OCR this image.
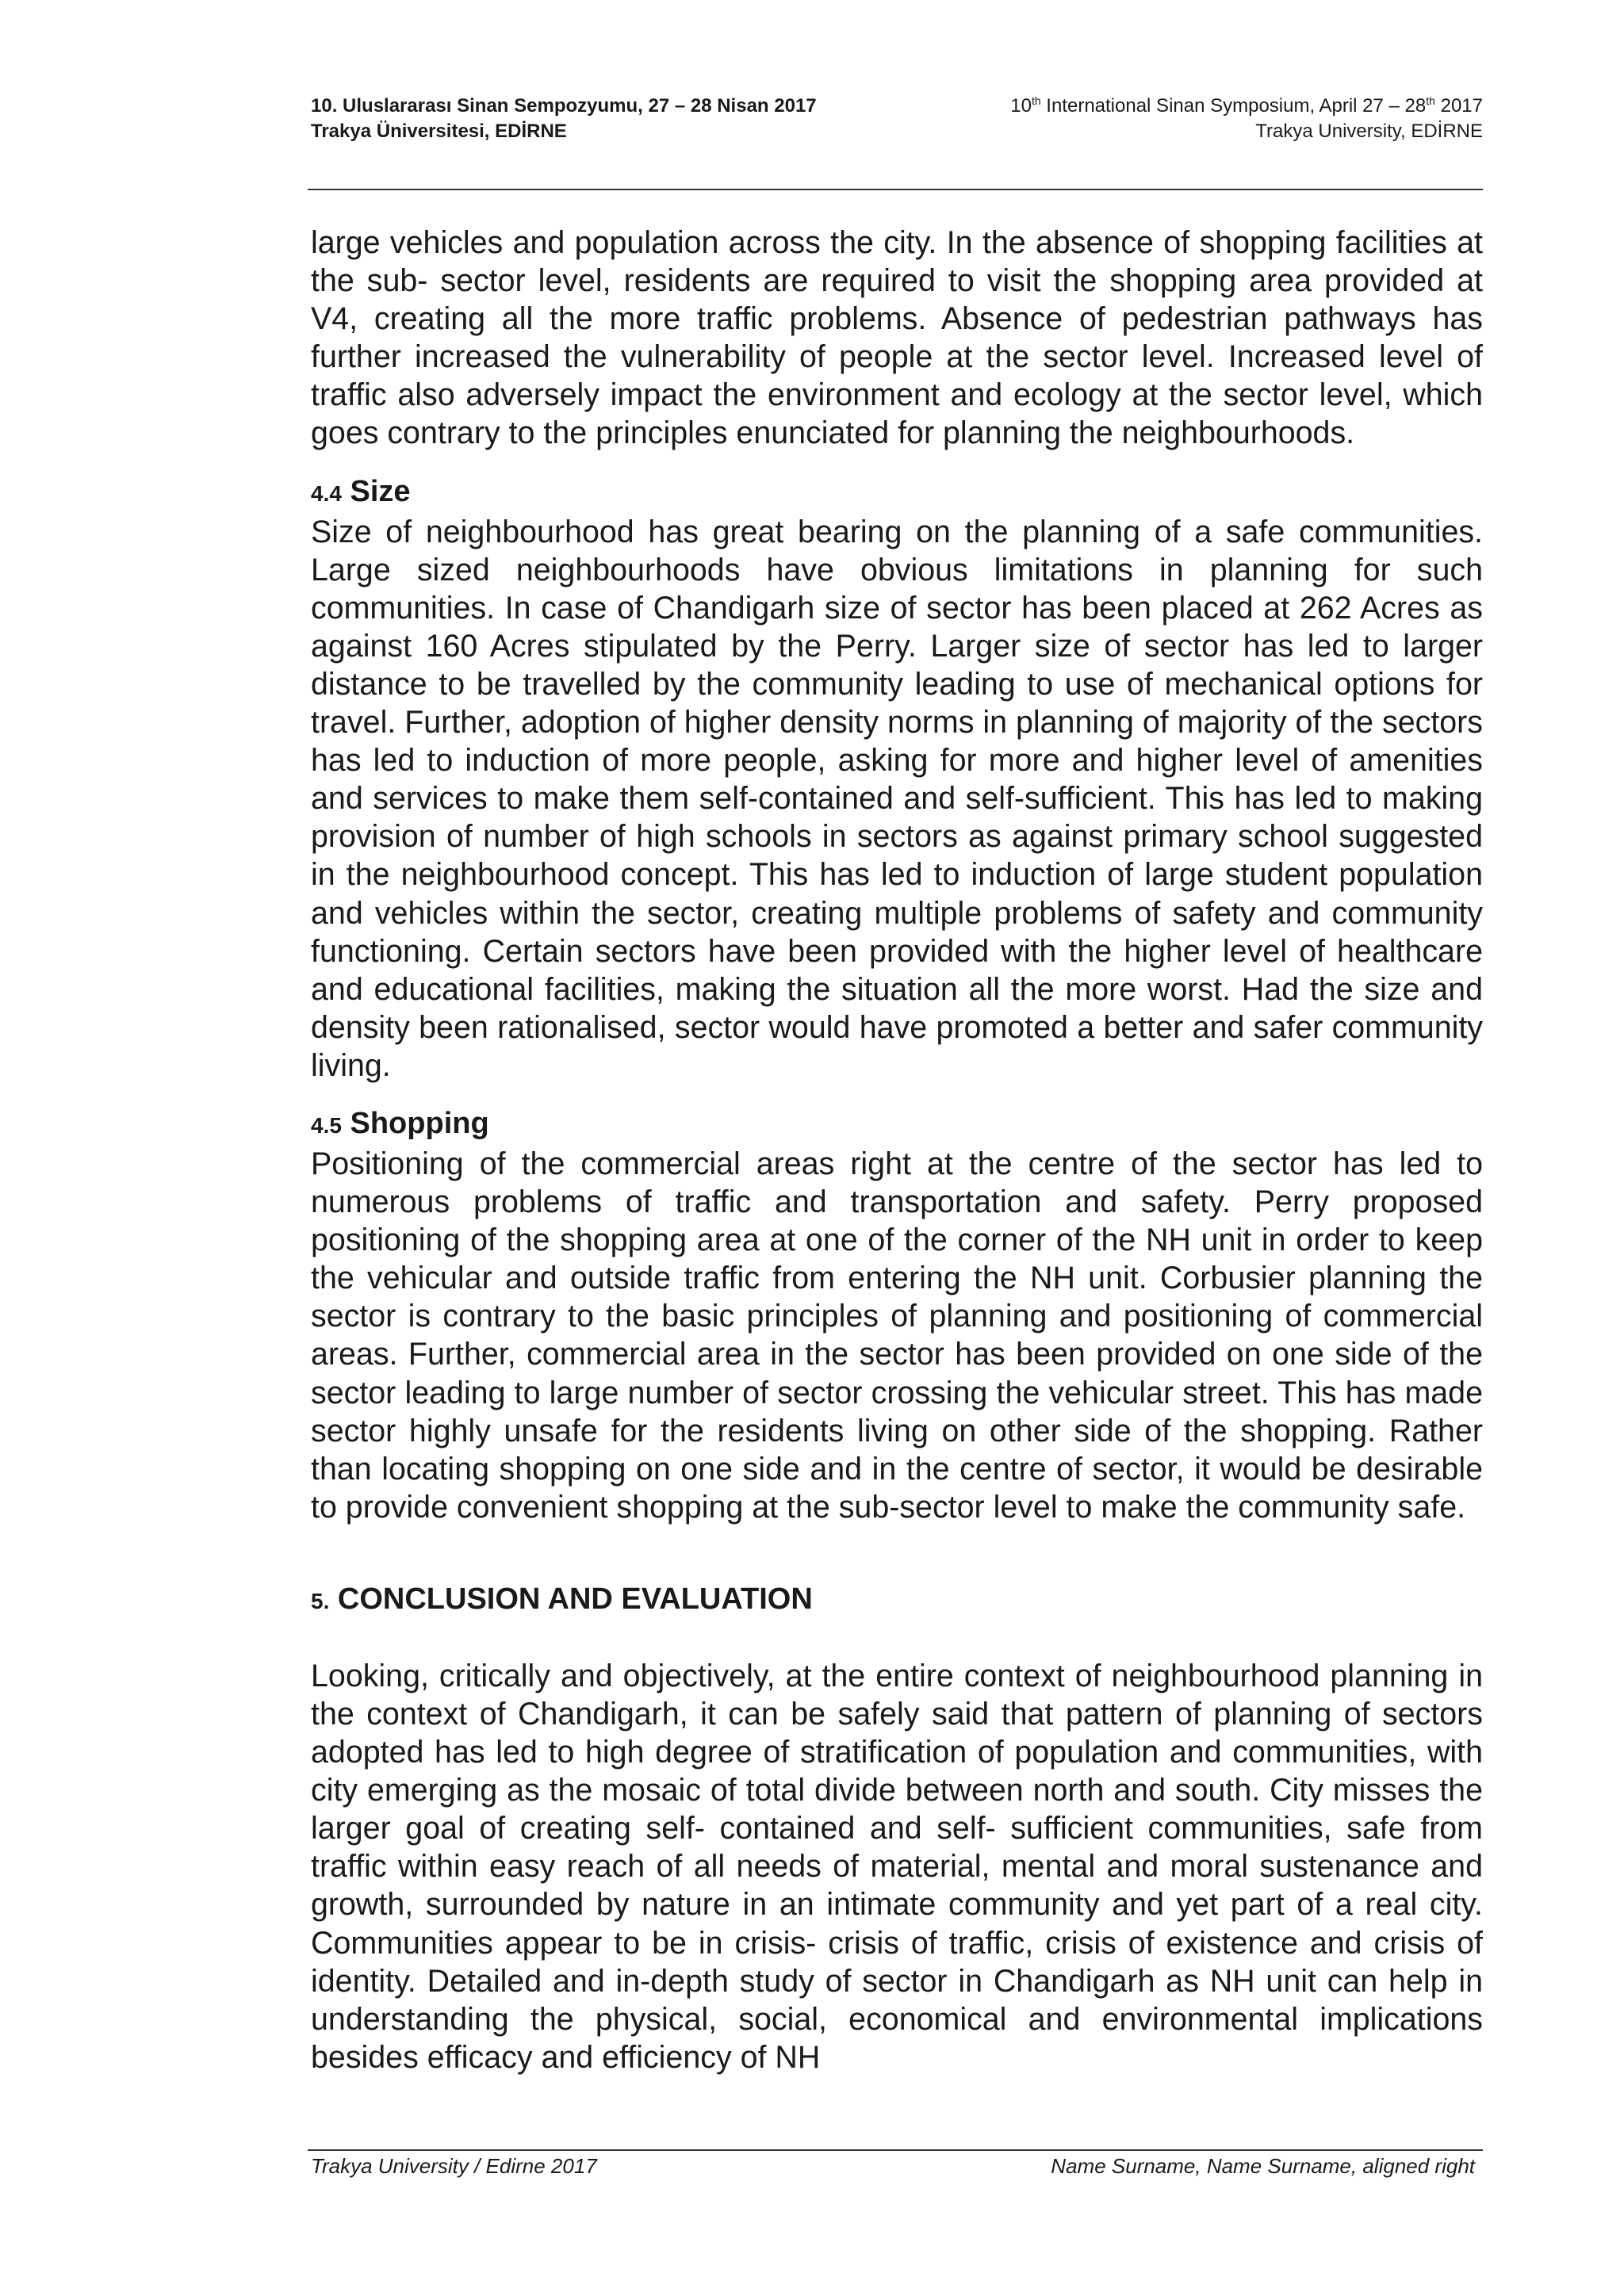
10. Uluslararası Sinan Sempozyumu, 27 – 28 Nisan 2017
Trakya Üniversitesi, EDİRNE
10th International Sinan Symposium, April 27 – 28th 2017
Trakya University, EDİRNE

large vehicles and population across the city. In the absence of shopping facilities at the sub- sector level, residents are required to visit the shopping area provided at V4, creating all the more traffic problems. Absence of pedestrian pathways has further increased the vulnerability of people at the sector level. Increased level of traffic also adversely impact the environment and ecology at the sector level, which goes contrary to the principles enunciated for planning the neighbourhoods.

4.4 Size

Size of neighbourhood has great bearing on the planning of a safe communities. Large sized neighbourhoods have obvious limitations in planning for such communities. In case of Chandigarh size of sector has been placed at 262 Acres as against 160 Acres stipulated by the Perry. Larger size of sector has led to larger distance to be travelled by the community leading to use of mechanical options for travel. Further, adoption of higher density norms in planning of majority of the sectors has led to induction of more people, asking for more and higher level of amenities and services to make them self-contained and self-sufficient. This has led to making provision of number of high schools in sectors as against primary school suggested in the neighbourhood concept. This has led to induction of large student population and vehicles within the sector, creating multiple problems of safety and community functioning. Certain sectors have been provided with the higher level of healthcare and educational facilities, making the situation all the more worst. Had the size and density been rationalised, sector would have promoted a better and safer community living.

4.5 Shopping

Positioning of the commercial areas right at the centre of the sector has led to numerous problems of traffic and transportation and safety. Perry proposed positioning of the shopping area at one of the corner of the NH unit in order to keep the vehicular and outside traffic from entering the NH unit. Corbusier planning the sector is contrary to the basic principles of planning and positioning of commercial areas. Further, commercial area in the sector has been provided on one side of the sector leading to large number of sector crossing the vehicular street. This has made sector highly unsafe for the residents living on other side of the shopping. Rather than locating shopping on one side and in the centre of sector, it would be desirable to provide convenient shopping at the sub-sector level to make the community safe.

5. CONCLUSION AND EVALUATION

Looking, critically and objectively, at the entire context of neighbourhood planning in the context of Chandigarh, it can be safely said that pattern of planning of sectors adopted has led to high degree of stratification of population and communities, with city emerging as the mosaic of total divide between north and south. City misses the larger goal of creating self- contained and self- sufficient communities, safe from traffic within easy reach of all needs of material, mental and moral sustenance and growth, surrounded by nature in an intimate community and yet part of a real city. Communities appear to be in crisis- crisis of traffic, crisis of existence and crisis of identity. Detailed and in-depth study of sector in Chandigarh as NH unit can help in understanding the physical, social, economical and environmental implications besides efficacy and efficiency of NH

Trakya University / Edirne 2017	Name Surname, Name Surname, aligned right
